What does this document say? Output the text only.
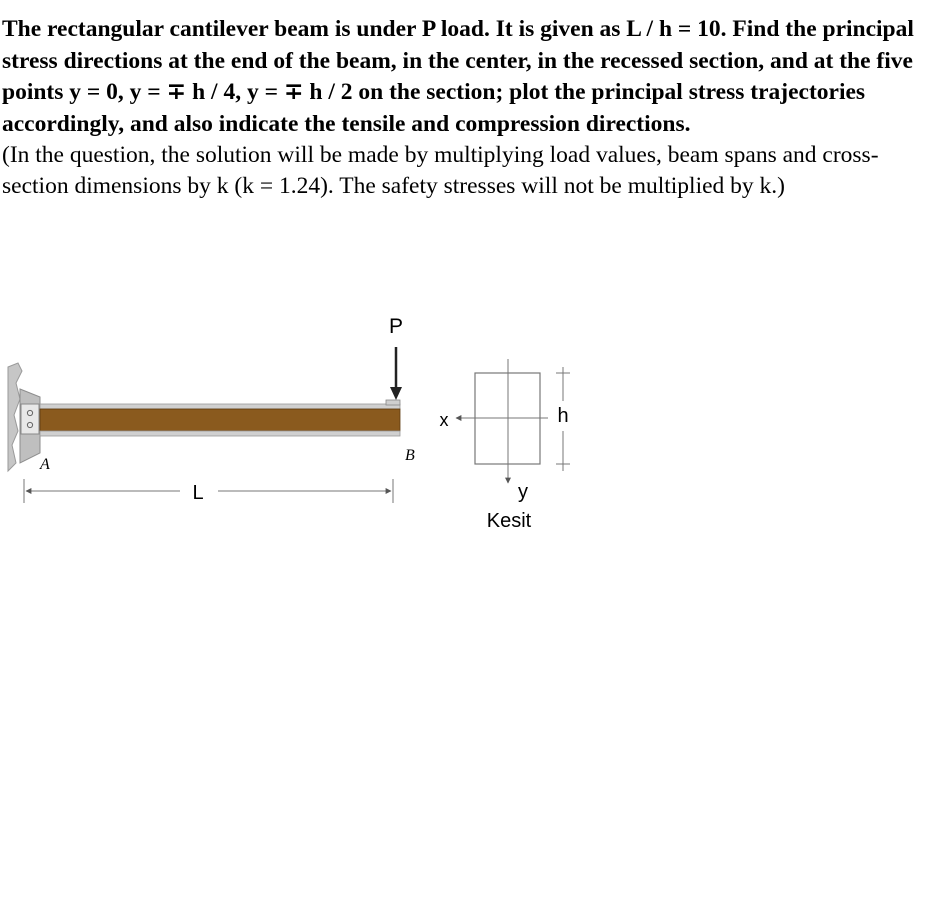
The rectangular cantilever beam is under P load. It is given as L / h = 10. Find the principal stress directions at the end of the beam, in the center, in the recessed section, and at the five points y = 0, y = ∓ h / 4, y = ∓ h / 2 on the section; plot the principal stress trajectories accordingly, and also indicate the tensile and compression directions.

(In the question, the solution will be made by multiplying load values, beam spans and cross-section dimensions by k (k = 1.24). The safety stresses will not be multiplied by k.)

P
A
B
L
x
y
h
Kesit
